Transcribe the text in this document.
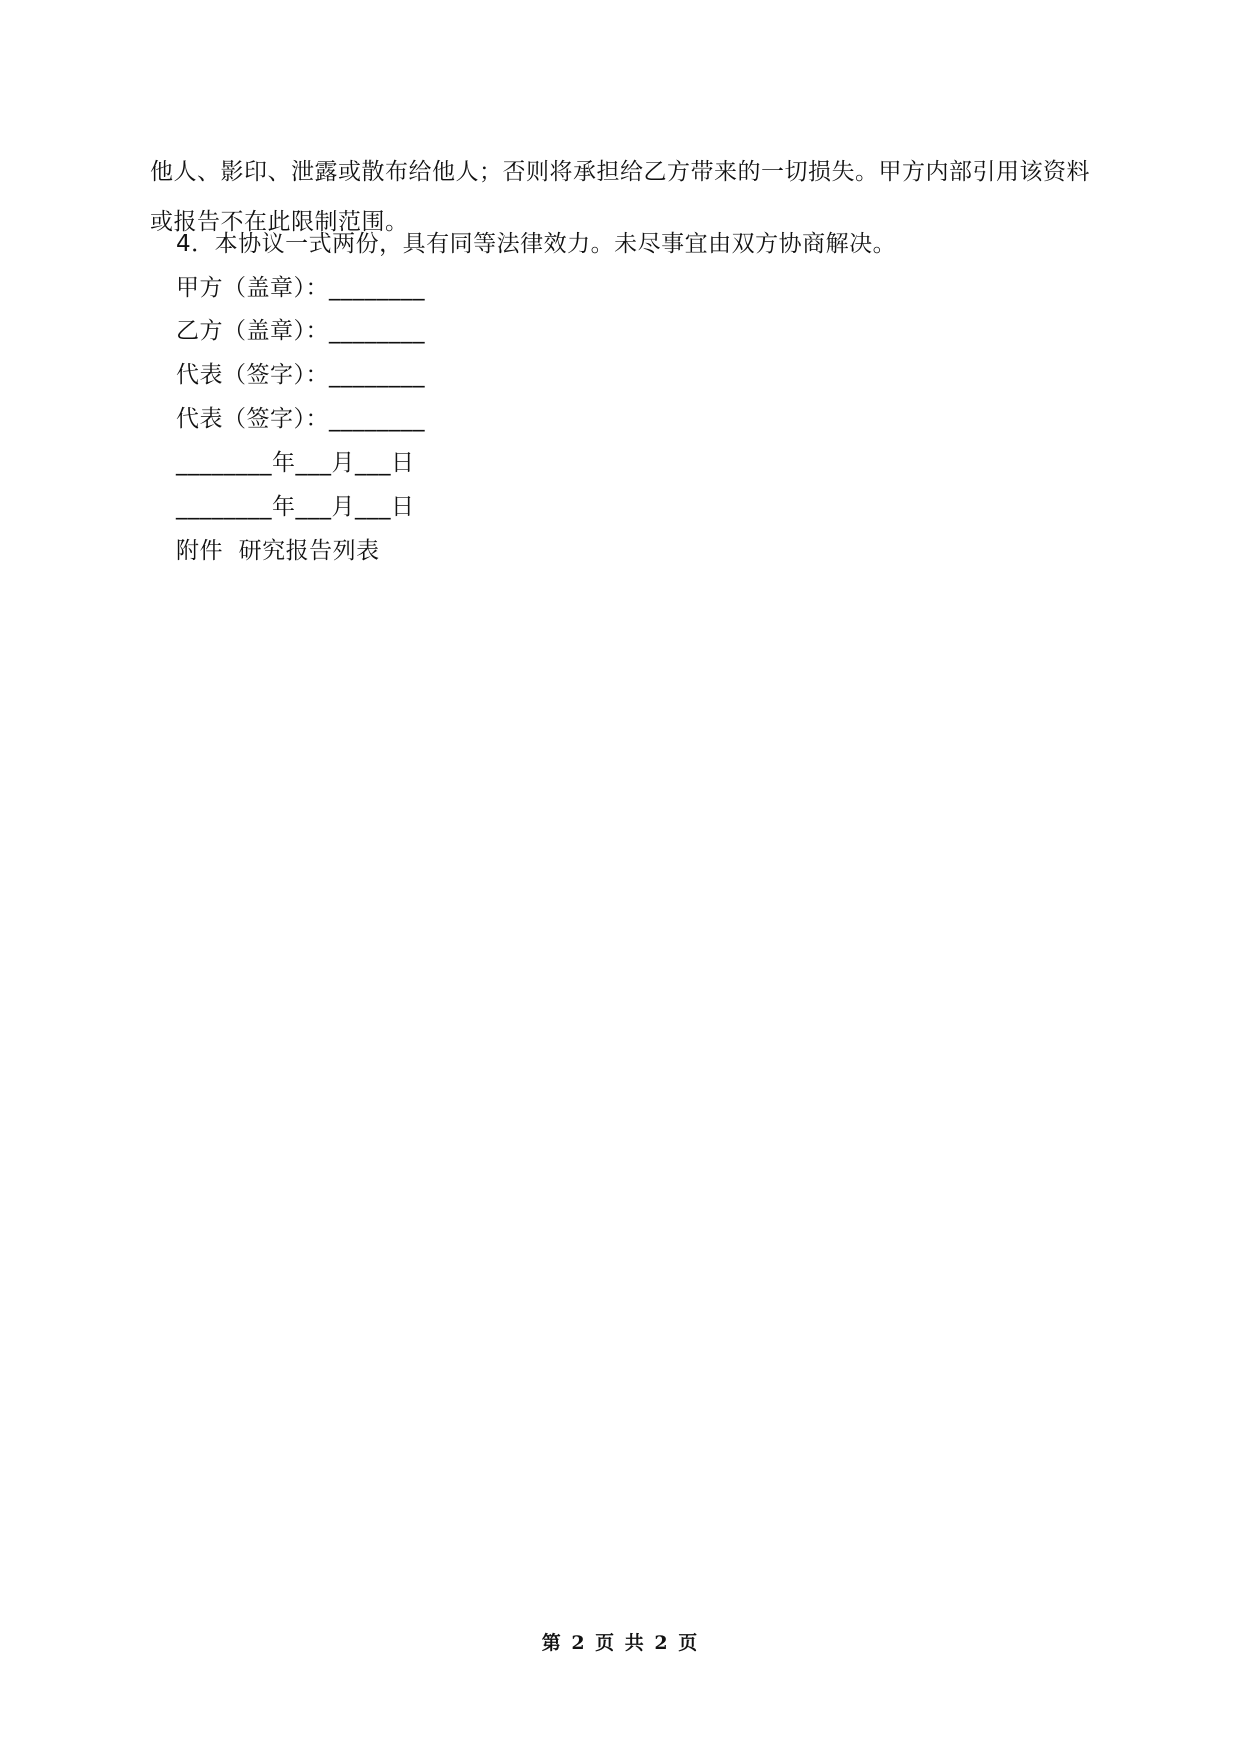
他人、影印、泄露或散布给他人；否则将承担给乙方带来的一切损失。甲方内部引用该资料或报告不在此限制范围。

4．本协议一式两份，具有同等法律效力。未尽事宜由双方协商解决。
甲方（盖章）：________
乙方（盖章）：________
代表（签字）：________
代表（签字）：________
________年___月___日
________年___月___日
附件  研究报告列表
第 2 页 共 2 页
